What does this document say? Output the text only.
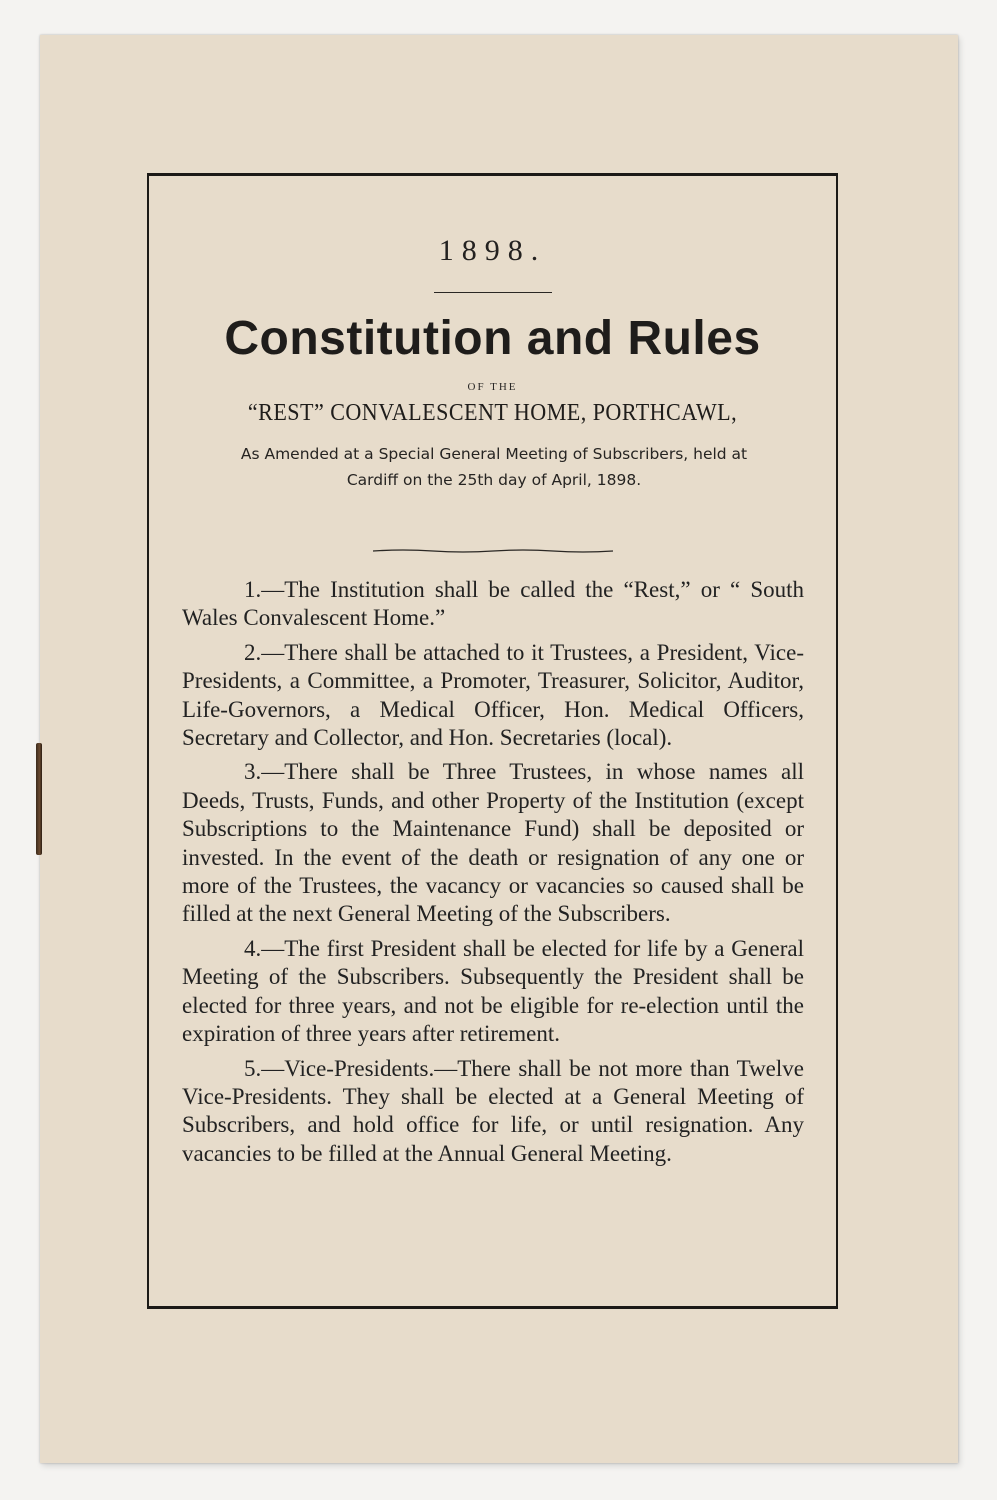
1898.
Constitution and Rules
OF THE
“REST” CONVALESCENT HOME, PORTHCAWL,
As Amended at a Special General Meeting of Subscribers, held at
Cardiff on the 25th day of April, 1898.
1.—The Institution shall be called the “Rest,” or “ South Wales Convalescent Home.”
2.—There shall be attached to it Trustees, a President, Vice-Presidents, a Committee, a Promoter, Treasurer, Solicitor, Auditor, Life-Governors, a Medical Officer, Hon. Medical Officers, Secretary and Collector, and Hon. Secretaries (local).
3.—There shall be Three Trustees, in whose names all Deeds, Trusts, Funds, and other Property of the Institution (except Subscriptions to the Maintenance Fund) shall be deposited or invested. In the event of the death or resignation of any one or more of the Trustees, the vacancy or vacancies so caused shall be filled at the next General Meeting of the Subscribers.
4.—The first President shall be elected for life by a General Meeting of the Subscribers. Subsequently the President shall be elected for three years, and not be eligible for re-election until the expiration of three years after retirement.
5.—Vice-Presidents.—There shall be not more than Twelve Vice-Presidents. They shall be elected at a General Meeting of Subscribers, and hold office for life, or until resignation. Any vacancies to be filled at the Annual General Meeting.
